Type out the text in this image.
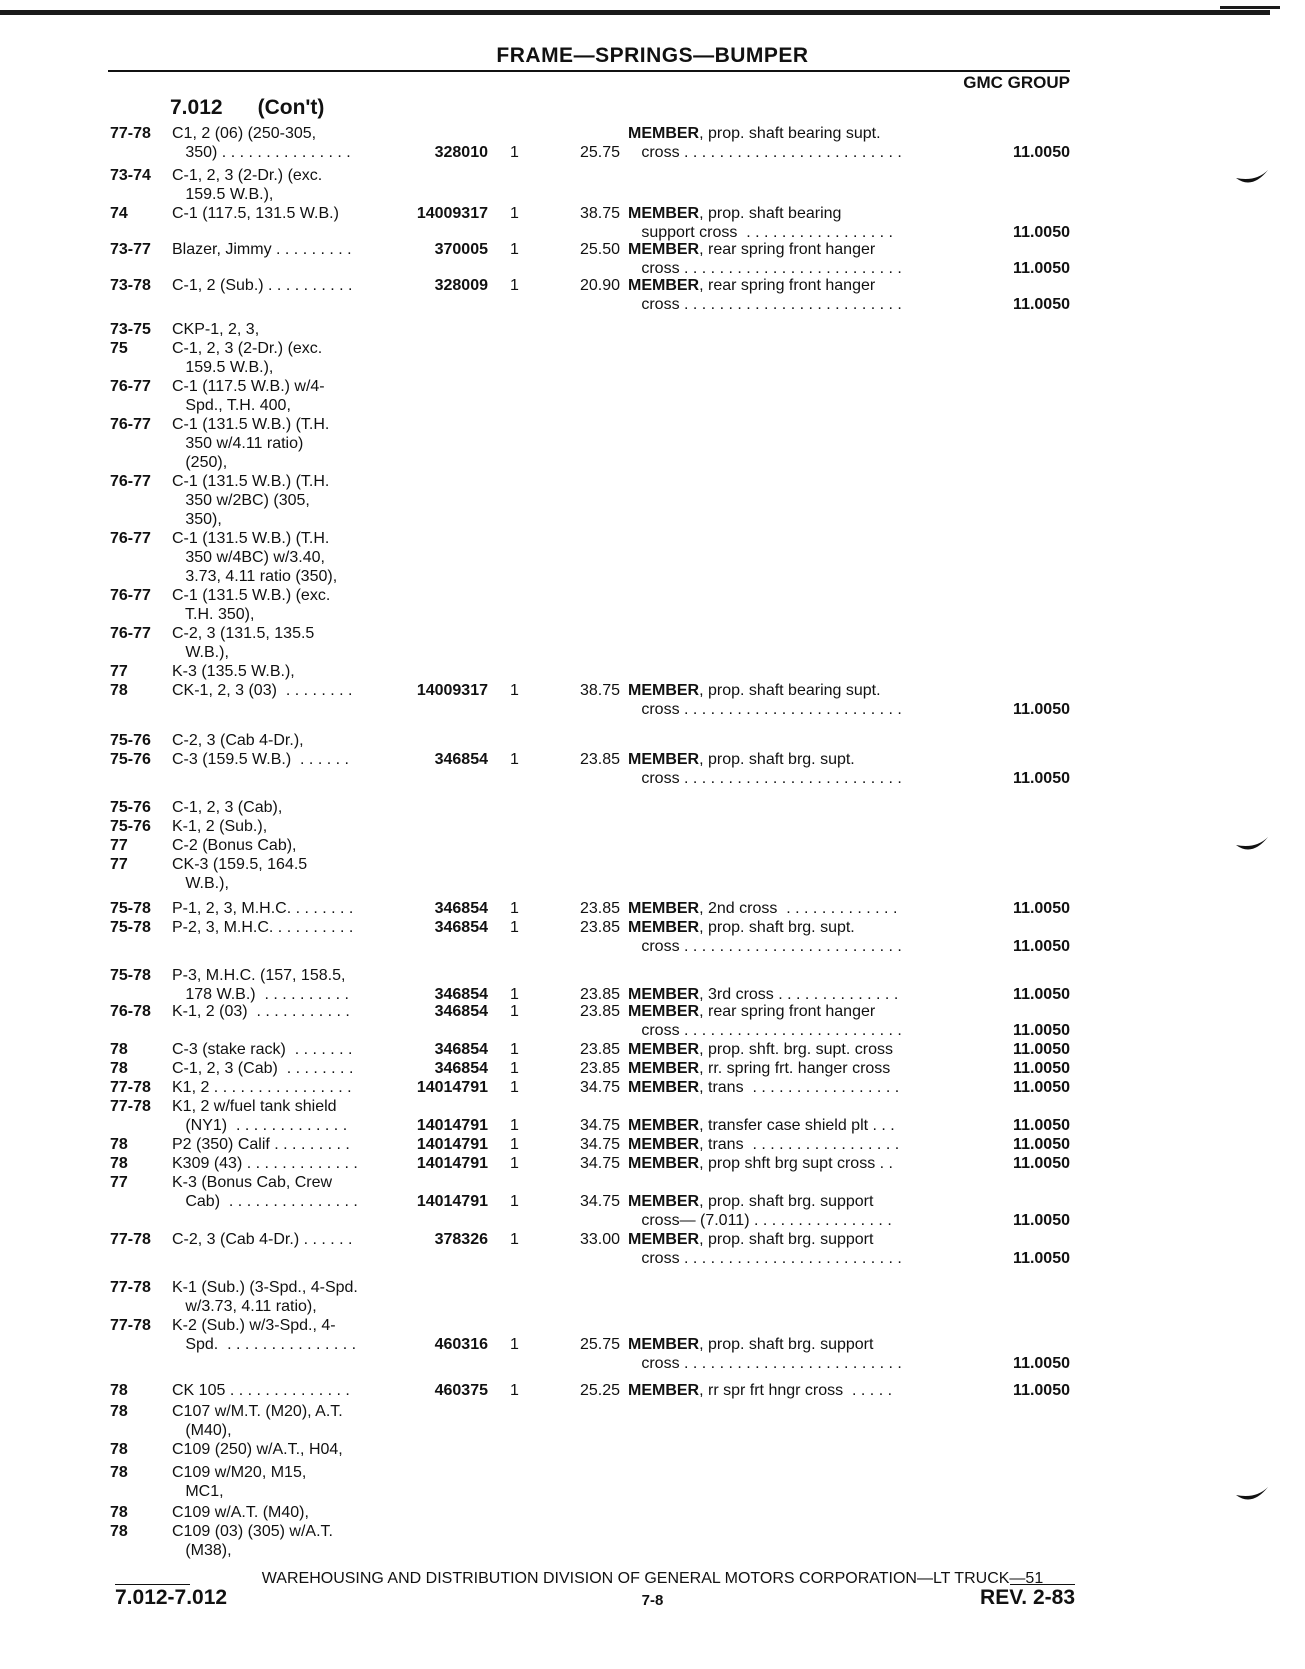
FRAME—SPRINGS—BUMPER
GMC GROUP
7.012 (Con't)
77-78	C1, 2 (06) (250-305,	MEMBER, prop. shaft bearing supt.
350) . . . . . . . . . . . . . . .	328010 1	25.75 cross . . . . . . . . . . . . . . . . . . . . . . . . .	11.0050
73-74	C-1, 2, 3 (2-Dr.) (exc.
159.5 W.B.),
74	C-1 (117.5, 131.5 W.B.)	14009317 1	38.75 MEMBER, prop. shaft bearing
support cross  . . . . . . . . . . . . . . . . .	11.0050
73-77	Blazer, Jimmy . . . . . . . . .	370005 1	25.50 MEMBER, rear spring front hanger
cross . . . . . . . . . . . . . . . . . . . . . . . . .	11.0050
73-78	C-1, 2 (Sub.) . . . . . . . . . .	328009 1	20.90 MEMBER, rear spring front hanger
cross . . . . . . . . . . . . . . . . . . . . . . . . .	11.0050
73-75	CKP-1, 2, 3,
75	C-1, 2, 3 (2-Dr.) (exc.
159.5 W.B.),
76-77	C-1 (117.5 W.B.) w/4-
Spd., T.H. 400,
76-77	C-1 (131.5 W.B.) (T.H.
350 w/4.11 ratio)
(250),
76-77	C-1 (131.5 W.B.) (T.H.
350 w/2BC) (305,
350),
76-77	C-1 (131.5 W.B.) (T.H.
350 w/4BC) w/3.40,
3.73, 4.11 ratio (350),
76-77	C-1 (131.5 W.B.) (exc.
T.H. 350),
76-77	C-2, 3 (131.5, 135.5
W.B.),
77	K-3 (135.5 W.B.),
78	CK-1, 2, 3 (03)  . . . . . . . .	14009317 1	38.75 MEMBER, prop. shaft bearing supt.
cross . . . . . . . . . . . . . . . . . . . . . . . . .	11.0050
75-76	C-2, 3 (Cab 4-Dr.),
75-76	C-3 (159.5 W.B.)  . . . . . .	346854 1	23.85 MEMBER, prop. shaft brg. supt.
cross . . . . . . . . . . . . . . . . . . . . . . . . .	11.0050
75-76	C-1, 2, 3 (Cab),
75-76	K-1, 2 (Sub.),
77	C-2 (Bonus Cab),
77	CK-3 (159.5, 164.5
W.B.),
75-78	P-1, 2, 3, M.H.C. . . . . . . .	346854 1	23.85 MEMBER, 2nd cross  . . . . . . . . . . . . .	11.0050
75-78	P-2, 3, M.H.C. . . . . . . . . .	346854 1	23.85 MEMBER, prop. shaft brg. supt.
cross . . . . . . . . . . . . . . . . . . . . . . . . .	11.0050
75-78	P-3, M.H.C. (157, 158.5,
178 W.B.)  . . . . . . . . . .	346854 1	23.85 MEMBER, 3rd cross . . . . . . . . . . . . . .	11.0050
76-78	K-1, 2 (03)  . . . . . . . . . . .	346854 1	23.85 MEMBER, rear spring front hanger
cross . . . . . . . . . . . . . . . . . . . . . . . . .	11.0050
78	C-3 (stake rack)  . . . . . . .	346854 1	23.85 MEMBER, prop. shft. brg. supt. cross	11.0050
78	C-1, 2, 3 (Cab)  . . . . . . . .	346854 1	23.85 MEMBER, rr. spring frt. hanger cross	11.0050
77-78	K1, 2 . . . . . . . . . . . . . . . .	14014791 1	34.75 MEMBER, trans  . . . . . . . . . . . . . . . . .	11.0050
77-78	K1, 2 w/fuel tank shield
(NY1)  . . . . . . . . . . . . .	14014791 1	34.75 MEMBER, transfer case shield plt . . .	11.0050
78	P2 (350) Calif . . . . . . . . .	14014791 1	34.75 MEMBER, trans  . . . . . . . . . . . . . . . . .	11.0050
78	K309 (43) . . . . . . . . . . . . .	14014791 1	34.75 MEMBER, prop shft brg supt cross . .	11.0050
77	K-3 (Bonus Cab, Crew
Cab)  . . . . . . . . . . . . . . .	14014791 1	34.75 MEMBER, prop. shaft brg. support
cross— (7.011) . . . . . . . . . . . . . . . .	11.0050
77-78	C-2, 3 (Cab 4-Dr.) . . . . . .	378326 1	33.00 MEMBER, prop. shaft brg. support
cross . . . . . . . . . . . . . . . . . . . . . . . . .	11.0050
77-78	K-1 (Sub.) (3-Spd., 4-Spd.
w/3.73, 4.11 ratio),
77-78	K-2 (Sub.) w/3-Spd., 4-
Spd.  . . . . . . . . . . . . . . .	460316 1	25.75 MEMBER, prop. shaft brg. support
cross . . . . . . . . . . . . . . . . . . . . . . . . .	11.0050
78	CK 105 . . . . . . . . . . . . . .	460375 1	25.25 MEMBER, rr spr frt hngr cross  . . . . .	11.0050
78	C107 w/M.T. (M20), A.T.
(M40),
78	C109 (250) w/A.T., H04,
78	C109 w/M20, M15,
MC1,
78	C109 w/A.T. (M40),
78	C109 (03) (305) w/A.T.
(M38),
WAREHOUSING AND DISTRIBUTION DIVISION OF GENERAL MOTORS CORPORATION—LT TRUCK—51
7.012-7.012	7-8	REV. 2-83
